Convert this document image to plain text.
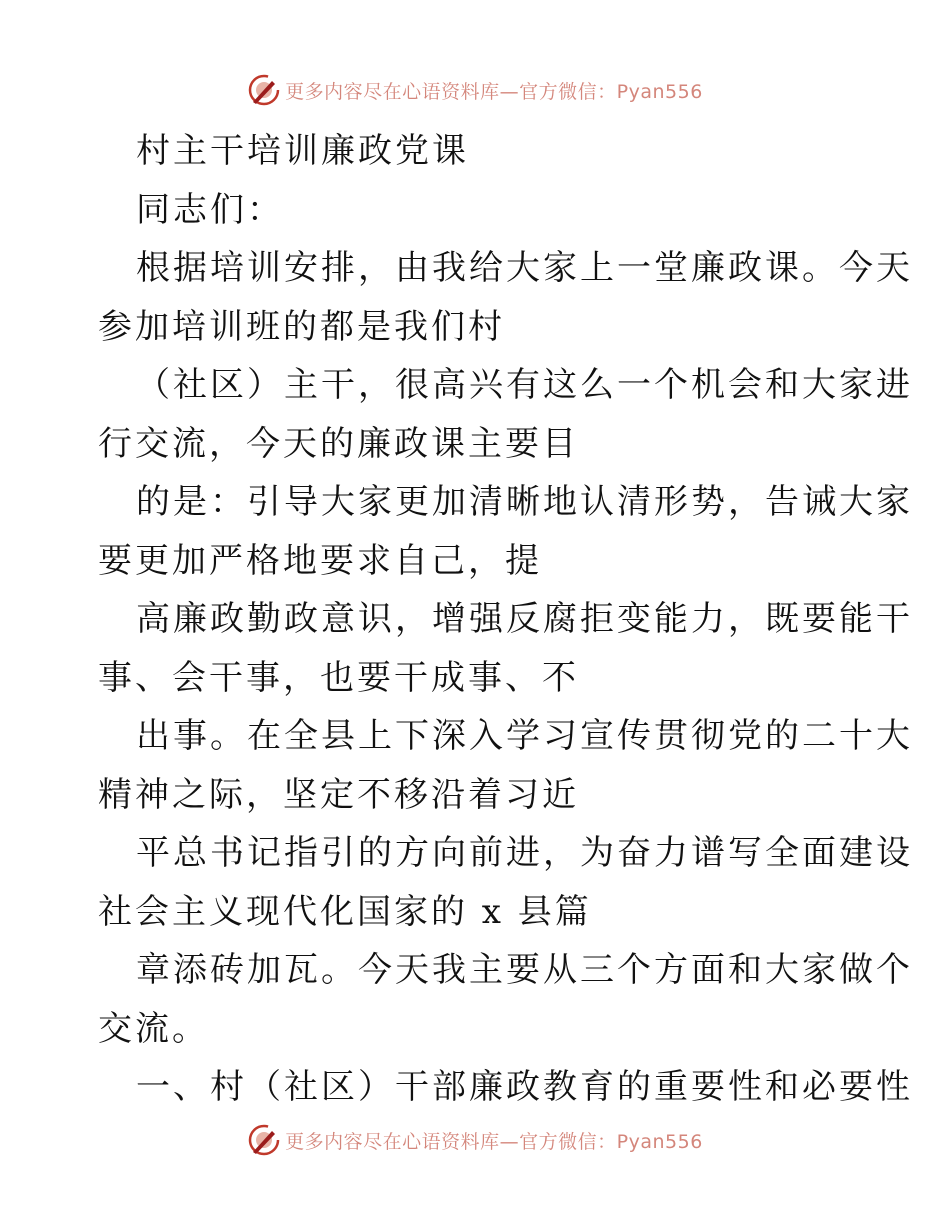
更多内容尽在心语资料库—官方微信：Pyan556

村主干培训廉政党课

同志们：

根据培训安排，由我给大家上一堂廉政课。今天

参加培训班的都是我们村

（社区）主干，很高兴有这么一个机会和大家进

行交流，今天的廉政课主要目

的是：引导大家更加清晰地认清形势，告诫大家

要更加严格地要求自己，提

高廉政勤政意识，增强反腐拒变能力，既要能干

事、会干事，也要干成事、不

出事。在全县上下深入学习宣传贯彻党的二十大

精神之际，坚定不移沿着习近

平总书记指引的方向前进，为奋力谱写全面建设

社会主义现代化国家的 x 县篇

章添砖加瓦。今天我主要从三个方面和大家做个

交流。

一、村（社区）干部廉政教育的重要性和必要性

更多内容尽在心语资料库—官方微信：Pyan556
